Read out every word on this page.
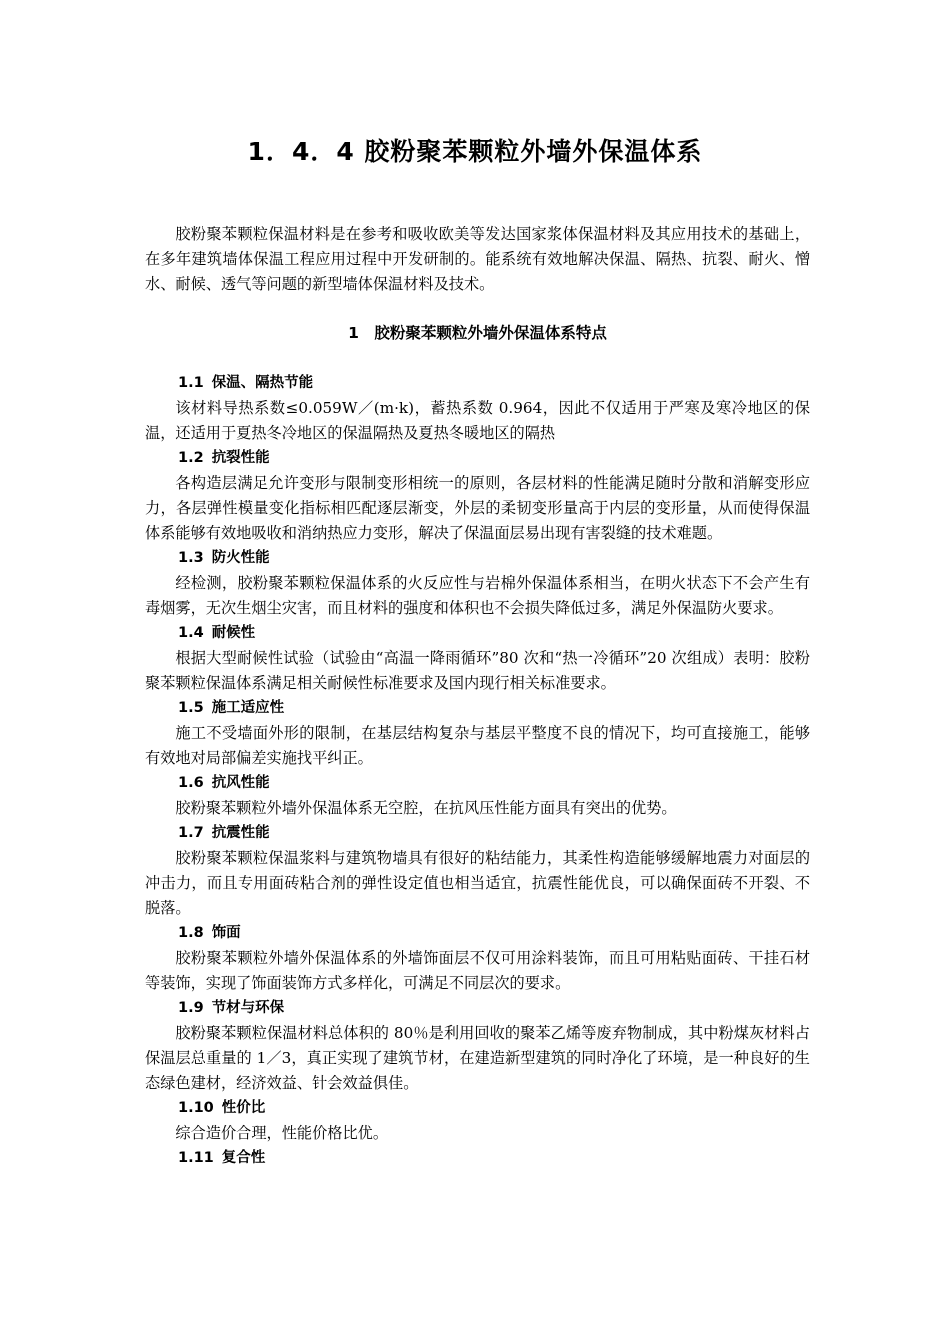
1．4．4 胶粉聚苯颗粒外墙外保温体系

胶粉聚苯颗粒保温材料是在参考和吸收欧美等发达国家浆体保温材料及其应用技术的基础上，在多年建筑墙体保温工程应用过程中开发研制的。能系统有效地解决保温、隔热、抗裂、耐火、憎水、耐候、透气等问题的新型墙体保温材料及技术。

1　胶粉聚苯颗粒外墙外保温体系特点

1.1 保温、隔热节能

该材料导热系数≤0.059W／(m·k)，蓄热系数 0.964，因此不仅适用于严寒及寒冷地区的保温，还适用于夏热冬冷地区的保温隔热及夏热冬暖地区的隔热

1.2 抗裂性能

各构造层满足允许变形与限制变形相统一的原则，各层材料的性能满足随时分散和消解变形应力，各层弹性模量变化指标相匹配逐层渐变，外层的柔韧变形量高于内层的变形量，从而使得保温体系能够有效地吸收和消纳热应力变形，解决了保温面层易出现有害裂缝的技术难题。

1.3 防火性能

经检测，胶粉聚苯颗粒保温体系的火反应性与岩棉外保温体系相当，在明火状态下不会产生有毒烟雾，无次生烟尘灾害，而且材料的强度和体积也不会损失降低过多，满足外保温防火要求。

1.4 耐候性

根据大型耐候性试验（试验由“高温一降雨循环”80 次和“热一冷循环”20 次组成）表明：胶粉聚苯颗粒保温体系满足相关耐候性标准要求及国内现行相关标准要求。

1.5 施工适应性

施工不受墙面外形的限制，在基层结构复杂与基层平整度不良的情况下，均可直接施工，能够有效地对局部偏差实施找平纠正。

1.6 抗风性能

胶粉聚苯颗粒外墙外保温体系无空腔，在抗风压性能方面具有突出的优势。

1.7 抗震性能

胶粉聚苯颗粒保温浆料与建筑物墙具有很好的粘结能力，其柔性构造能够缓解地震力对面层的冲击力，而且专用面砖粘合剂的弹性设定值也相当适宜，抗震性能优良，可以确保面砖不开裂、不脱落。

1.8 饰面

胶粉聚苯颗粒外墙外保温体系的外墙饰面层不仅可用涂料装饰，而且可用粘贴面砖、干挂石材等装饰，实现了饰面装饰方式多样化，可满足不同层次的要求。

1.9 节材与环保

胶粉聚苯颗粒保温材料总体积的 80％是利用回收的聚苯乙烯等废弃物制成，其中粉煤灰材料占保温层总重量的 1／3，真正实现了建筑节材，在建造新型建筑的同时净化了环境，是一种良好的生态绿色建材，经济效益、针会效益俱佳。

1.10 性价比

综合造价合理，性能价格比优。

1.11 复合性
